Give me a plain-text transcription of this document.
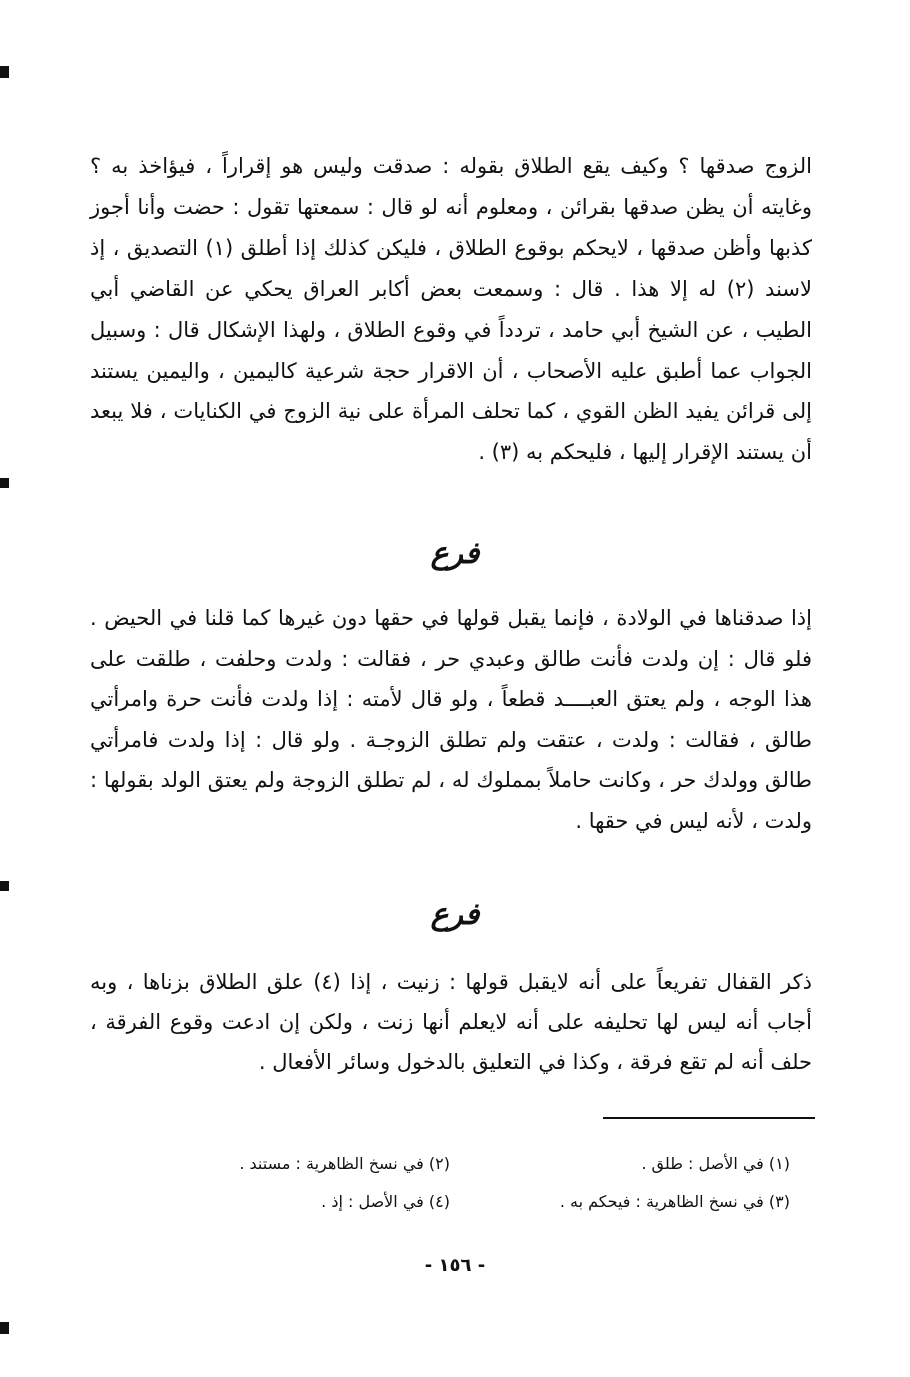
الزوج صدقها ؟ وكيف يقع الطلاق بقوله : صدقت وليس هو إقراراً ، فيؤاخذ به ؟ وغايته أن يظن صدقها بقرائن ، ومعلوم أنه لو قال : سمعتها تقول : حضت وأنا أجوز كذبها وأظن صدقها ، لايحكم بوقوع الطلاق ، فليكن كذلك إذا أطلق (١) التصديق ، إذ لاسند (٢) له إلا هذا . قال : وسمعت بعض أكابر العراق يحكي عن القاضي أبي الطيب ، عن الشيخ أبي حامد ، تردداً في وقوع الطلاق ، ولهذا الإشكال قال : وسبيل الجواب عما أطبق عليه الأصحاب ، أن الاقرار حجة شرعية كاليمين ، واليمين يستند إلى قرائن يفيد الظن القوي ، كما تحلف المرأة على نية الزوج في الكنايات ، فلا يبعد أن يستند الإقرار إليها ، فليحكم به (٣) .

فرع

إذا صدقناها في الولادة ، فإنما يقبل قولها في حقها دون غيرها كما قلنا في الحيض . فلو قال : إن ولدت فأنت طالق وعبدي حر ، فقالت : ولدت وحلفت ، طلقت على هذا الوجه ، ولم يعتق العبــــد قطعاً ، ولو قال لأمته : إذا ولدت فأنت حرة وامرأتي طالق ، فقالت : ولدت ، عتقت ولم تطلق الزوجـة . ولو قال : إذا ولدت فامرأتي طالق وولدك حر ، وكانت حاملاً بمملوك له ، لم تطلق الزوجة ولم يعتق الولد بقولها : ولدت ، لأنه ليس في حقها .

فرع

ذكر القفال تفريعاً على أنه لايقبل قولها : زنيت ، إذا (٤) علق الطلاق بزناها ، وبه أجاب أنه ليس لها تحليفه على أنه لايعلم أنها زنت ، ولكن إن ادعت وقوع الفرقة ، حلف أنه لم تقع فرقة ، وكذا في التعليق بالدخول وسائر الأفعال .

(١) في الأصل : طلق .
(٢) في نسخ الظاهرية : مستند .
(٣) في نسخ الظاهرية : فيحكم به .
(٤) في الأصل : إذ .
- ١٥٦ -
